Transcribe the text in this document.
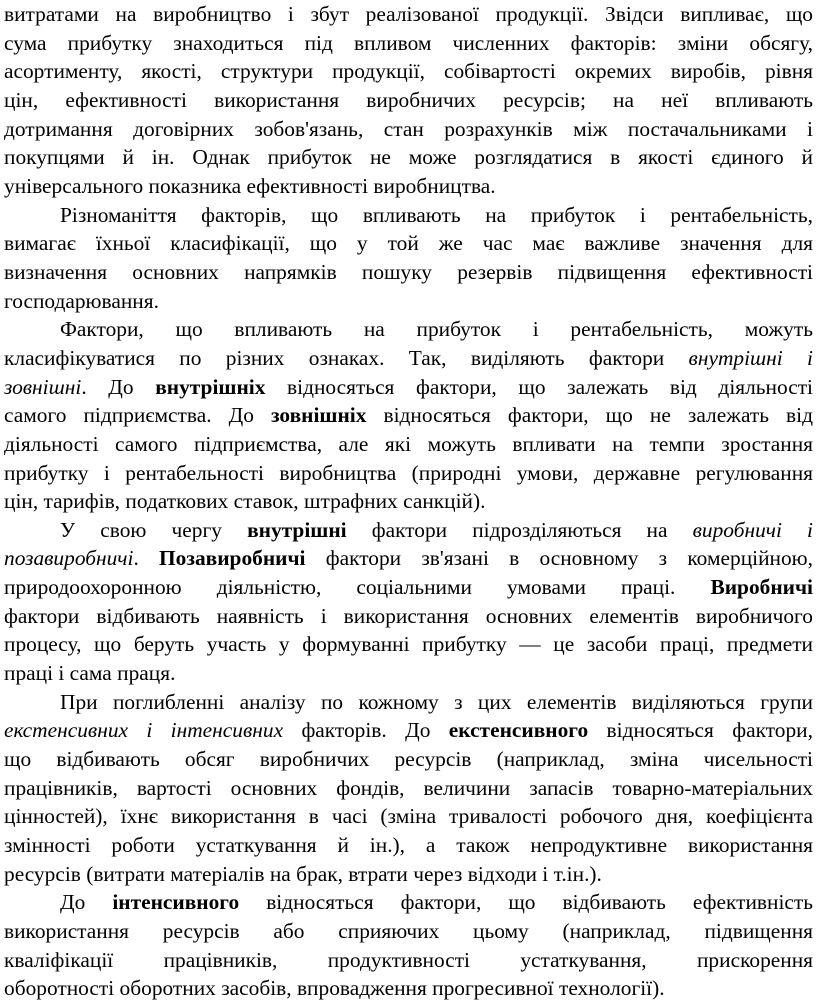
витратами на виробництво і збут реалізованої продукції. Звідси випливає, що
сума прибутку знаходиться під впливом численних факторів: зміни обсягу,
асортименту, якості, структури продукції, собівартості окремих виробів, рівня
цін, ефективності використання виробничих ресурсів; на неї впливають
дотримання договірних зобов'язань, стан розрахунків між постачальниками і
покупцями й ін. Однак прибуток не може розглядатися в якості єдиного й
універсального показника ефективності виробництва.
Різноманіття факторів, що впливають на прибуток і рентабельність,
вимагає їхньої класифікації, що у той же час має важливе значення для
визначення основних напрямків пошуку резервів підвищення ефективності
господарювання.
Фактори, що впливають на прибуток і рентабельність, можуть
класифікуватися по різних ознаках. Так, виділяють фактори внутрішні і
зовнішні. До внутрішніх відносяться фактори, що залежать від діяльності
самого підприємства. До зовнішніх відносяться фактори, що не залежать від
діяльності самого підприємства, але які можуть впливати на темпи зростання
прибутку і рентабельності виробництва (природні умови, державне регулювання
цін, тарифів, податкових ставок, штрафних санкцій).
У свою чергу внутрішні фактори підрозділяються на виробничі і
позавиробничі. Позавиробничі фактори зв'язані в основному з комерційною,
природоохоронною діяльністю, соціальними умовами праці. Виробничі
фактори відбивають наявність і використання основних елементів виробничого
процесу, що беруть участь у формуванні прибутку — це засоби праці, предмети
праці і сама праця.
При поглибленні аналізу по кожному з цих елементів виділяються групи
екстенсивних і інтенсивних факторів. До екстенсивного відносяться фактори,
що відбивають обсяг виробничих ресурсів (наприклад, зміна чисельності
працівників, вартості основних фондів, величини запасів товарно-матеріальних
цінностей), їхнє використання в часі (зміна тривалості робочого дня, коефіцієнта
змінності роботи устаткування й ін.), а також непродуктивне використання
ресурсів (витрати матеріалів на брак, втрати через відходи і т.ін.).
До інтенсивного відносяться фактори, що відбивають ефективність
використання ресурсів або сприяючих цьому (наприклад, підвищення
кваліфікації працівників, продуктивності устаткування, прискорення
оборотності оборотних засобів, впровадження прогресивної технології).
